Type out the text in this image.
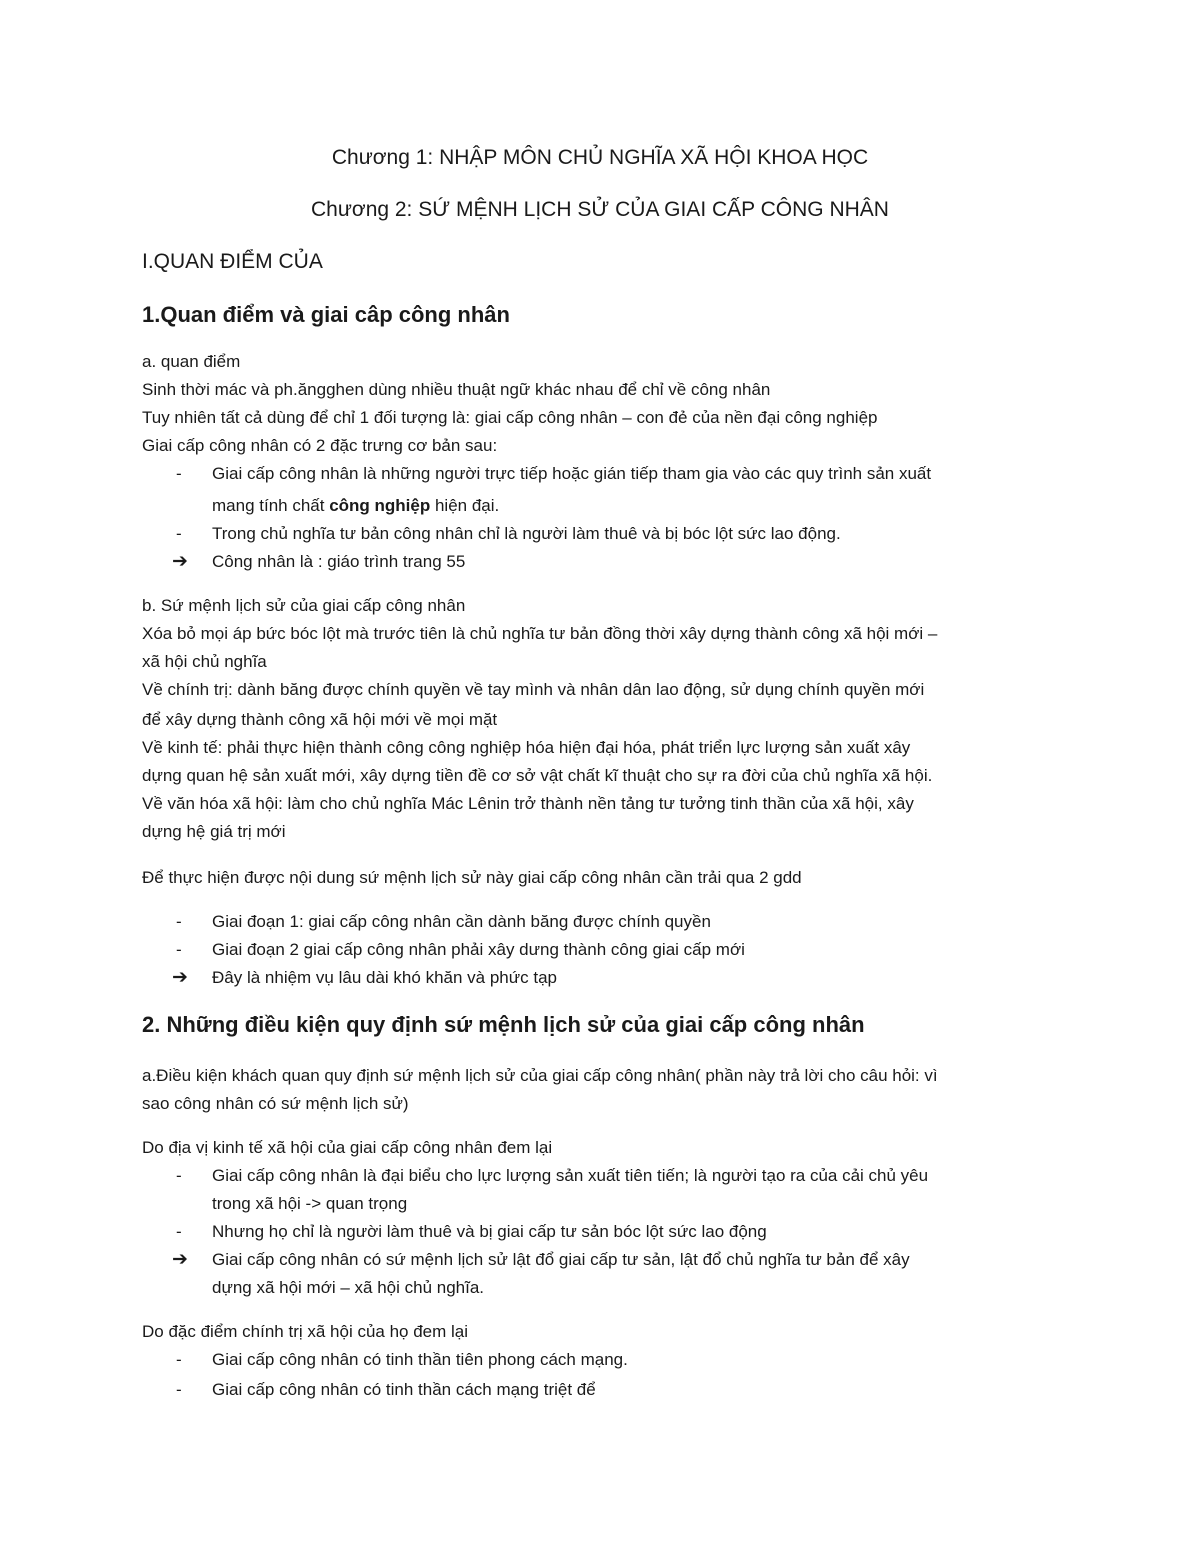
Chương 1: NHẬP MÔN CHỦ NGHĨA XÃ HỘI KHOA HỌC
Chương 2: SỨ MỆNH LỊCH SỬ CỦA GIAI CẤP CÔNG NHÂN
I.QUAN ĐIỂM CỦA
1.Quan điểm và giai câp công nhân
a. quan điểm
Sinh thời mác và ph.ăngghen dùng nhiều thuật ngữ khác nhau để chỉ về công nhân
Tuy nhiên tất cả dùng để chỉ 1 đối tượng là: giai cấp công nhân – con đẻ của nền đại công nghiệp
Giai cấp công nhân có 2 đặc trưng cơ bản sau:
-	Giai cấp công nhân là những người trực tiếp hoặc gián tiếp tham gia vào các quy trình sản xuất
mang tính chất công nghiệp hiện đại.
-	Trong chủ nghĩa tư bản công nhân chỉ là người làm thuê và bị bóc lột sức lao động.
➔ Công nhân là : giáo trình trang 55
b. Sứ mệnh lịch sử của giai cấp công nhân
Xóa bỏ mọi áp bức bóc lột mà trước tiên là chủ nghĩa tư bản đồng thời xây dựng thành công xã hội mới –
xã hội chủ nghĩa
Về chính trị: dành băng được chính quyền về tay mình và nhân dân lao động, sử dụng chính quyền mới
để xây dựng thành công xã hội mới về mọi mặt
Về kinh tế: phải thực hiện thành công công nghiệp hóa hiện đại hóa, phát triển lực lượng sản xuất xây
dựng quan hệ sản xuất mới, xây dựng tiền đề cơ sở vật chất kĩ thuật cho sự ra đời của chủ nghĩa xã hội.
Về văn hóa xã hội: làm cho chủ nghĩa Mác Lênin trở thành nền tảng tư tưởng tinh thần của xã hội, xây
dựng hệ giá trị mới
Để thực hiện được nội dung sứ mệnh lịch sử này giai cấp công nhân cần trải qua 2 gdd
-	Giai đoạn 1: giai cấp công nhân cần dành băng được chính quyền
-	Giai đoạn 2 giai cấp công nhân phải xây dưng thành công giai cấp mới
➔ Đây là nhiệm vụ lâu dài khó khăn và phức tạp
2. Những điều kiện quy định sứ mệnh lịch sử của giai cấp công nhân
a.Điều kiện khách quan quy định sứ mệnh lịch sử của giai cấp công nhân( phần này trả lời cho câu hỏi: vì
sao công nhân có sứ mệnh lịch sử)
Do địa vị kinh tế xã hội của giai cấp công nhân đem lại
-	Giai cấp công nhân là đại biểu cho lực lượng sản xuất tiên tiến; là người tạo ra của cải chủ yêu
trong xã hội -> quan trọng
-	Nhưng họ chỉ là người làm thuê và bị giai cấp tư sản bóc lột sức lao động
➔ Giai cấp công nhân có sứ mệnh lịch sử lật đổ giai cấp tư sản, lật đổ chủ nghĩa tư bản để xây
dựng xã hội mới – xã hội chủ nghĩa.
Do đặc điểm chính trị xã hội của họ đem lại
-	Giai cấp công nhân có tinh thần tiên phong cách mạng.
-	Giai cấp công nhân có tinh thần cách mạng triệt để
